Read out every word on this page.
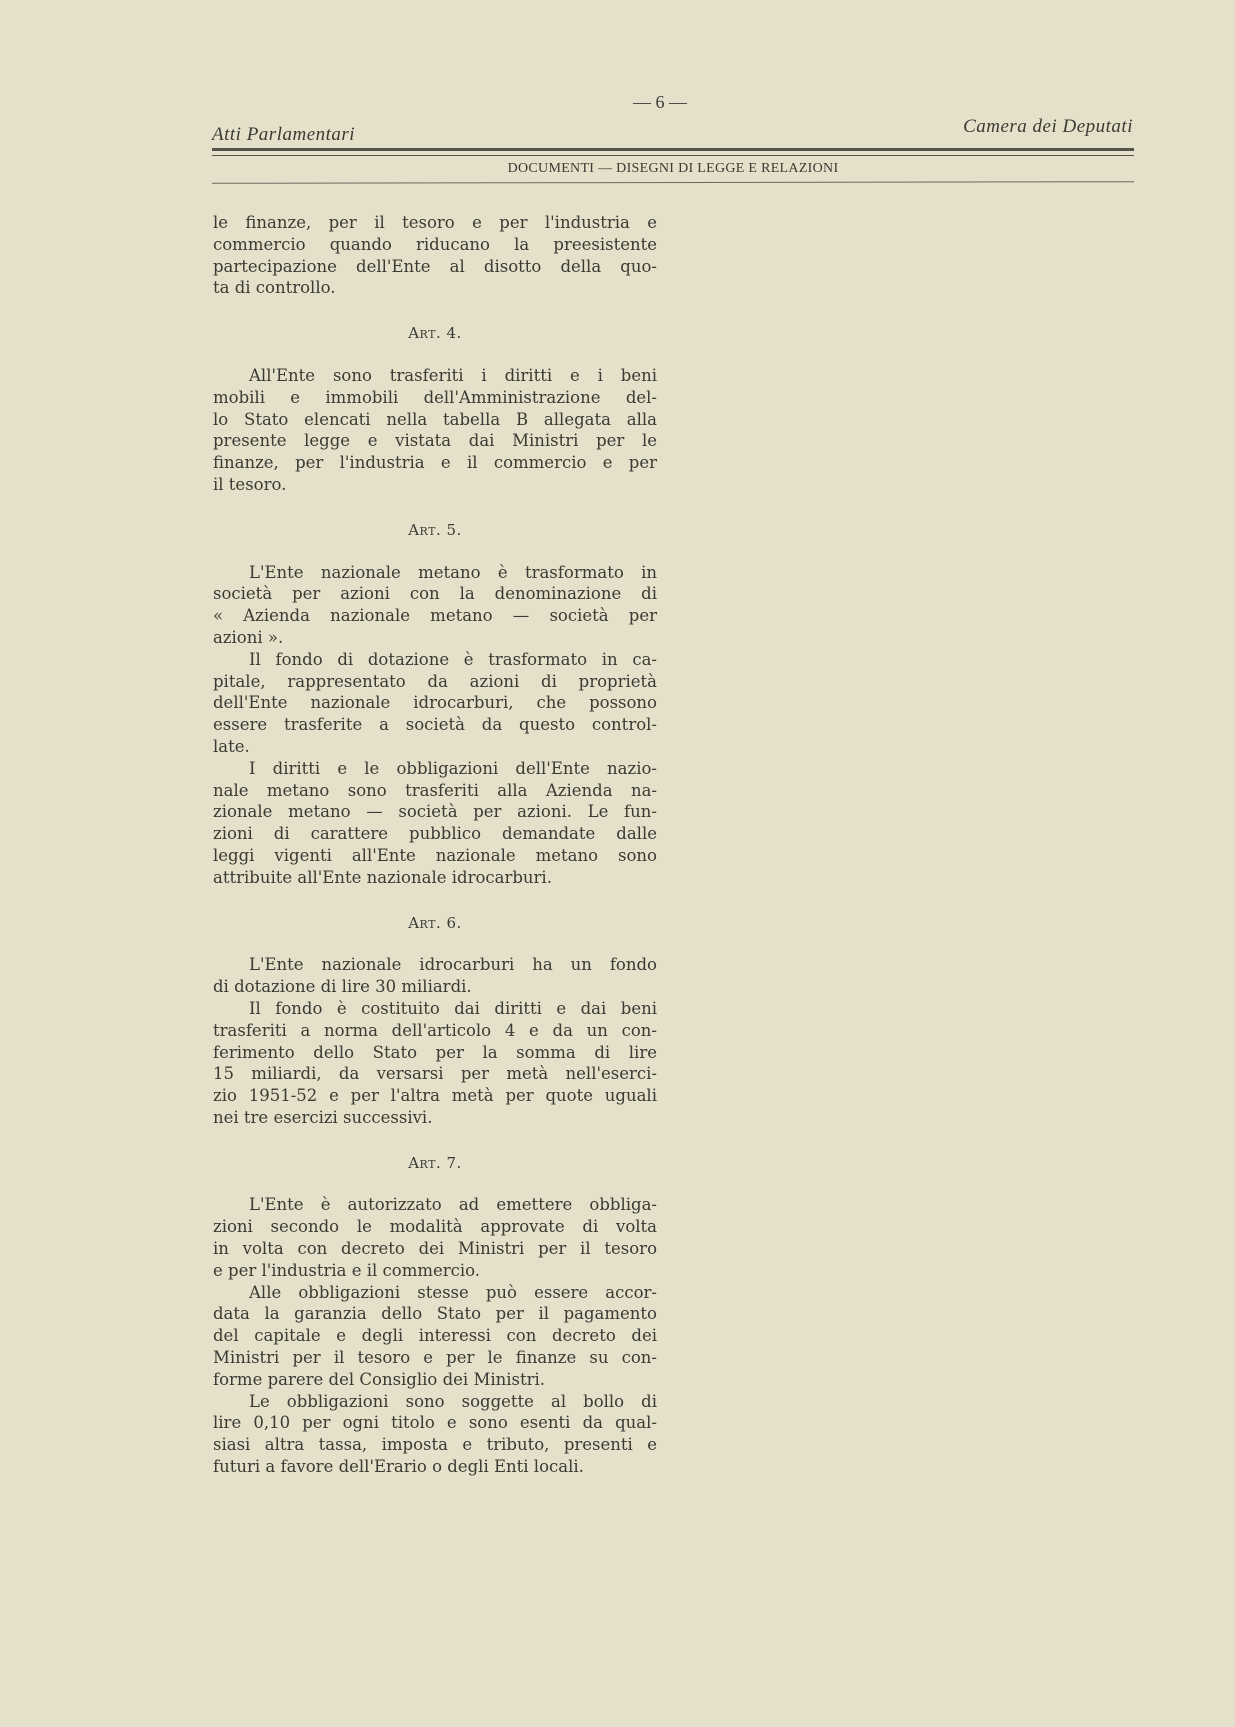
— 6 —
Atti Parlamentari	Camera dei Deputati
DOCUMENTI — DISEGNI DI LEGGE E RELAZIONI
le finanze, per il tesoro e per l'industria e
commercio quando riducano la preesistente
partecipazione dell'Ente al disotto della quo-
ta di controllo.
Art. 4.
All'Ente sono trasferiti i diritti e i beni
mobili e immobili dell'Amministrazione del-
lo Stato elencati nella tabella B allegata alla
presente legge e vistata dai Ministri per le
finanze, per l'industria e il commercio e per
il tesoro.
Art. 5.
L'Ente nazionale metano è trasformato in
società per azioni con la denominazione di
« Azienda nazionale metano — società per
azioni ».
Il fondo di dotazione è trasformato in ca-
pitale, rappresentato da azioni di proprietà
dell'Ente nazionale idrocarburi, che possono
essere trasferite a società da questo control-
late.
I diritti e le obbligazioni dell'Ente nazio-
nale metano sono trasferiti alla Azienda na-
zionale metano — società per azioni. Le fun-
zioni di carattere pubblico demandate dalle
leggi vigenti all'Ente nazionale metano sono
attribuite all'Ente nazionale idrocarburi.
Art. 6.
L'Ente nazionale idrocarburi ha un fondo
di dotazione di lire 30 miliardi.
Il fondo è costituito dai diritti e dai beni
trasferiti a norma dell'articolo 4 e da un con-
ferimento dello Stato per la somma di lire
15 miliardi, da versarsi per metà nell'eserci-
zio 1951-52 e per l'altra metà per quote uguali
nei tre esercizi successivi.
Art. 7.
L'Ente è autorizzato ad emettere obbliga-
zioni secondo le modalità approvate di volta
in volta con decreto dei Ministri per il tesoro
e per l'industria e il commercio.
Alle obbligazioni stesse può essere accor-
data la garanzia dello Stato per il pagamento
del capitale e degli interessi con decreto dei
Ministri per il tesoro e per le finanze su con-
forme parere del Consiglio dei Ministri.
Le obbligazioni sono soggette al bollo di
lire 0,10 per ogni titolo e sono esenti da qual-
siasi altra tassa, imposta e tributo, presenti e
futuri a favore dell'Erario o degli Enti locali.
